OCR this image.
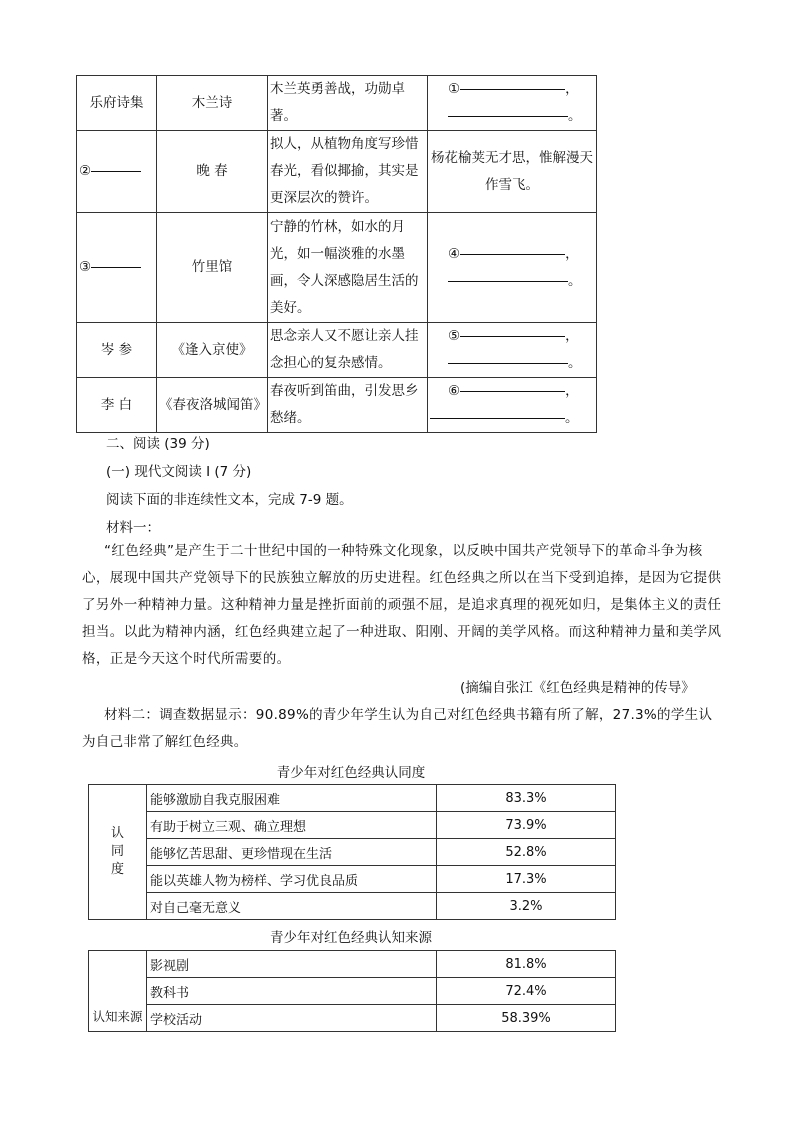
乐府诗集	木兰诗	木兰英勇善战，功勋卓著。	① ，
。

②	晚 春	拟人，从植物角度写珍惜春光，看似揶揄，其实是更深层次的赞许。	杨花榆荚无才思，惟解漫天作雪飞。
③	竹里馆	宁静的竹林，如水的月光，如一幅淡雅的水墨画，令人深感隐居生活的美好。	④ ，
。

岑 参	《逢入京使》	思念亲人又不愿让亲人挂念担心的复杂感情。	⑤ ，
。

李 白	《春夜洛城闻笛》	春夜听到笛曲，引发思乡愁绪。	⑥ ，
。
二、阅读 (39 分)
(一) 现代文阅读 I (7 分)
阅读下面的非连续性文本，完成 7-9 题。
材料一：
“红色经典”是产生于二十世纪中国的一种特殊文化现象，以反映中国共产党领导下的革命斗争为核心，展现中国共产党领导下的民族独立解放的历史进程。红色经典之所以在当下受到追捧，是因为它提供了另外一种精神力量。这种精神力量是挫折面前的顽强不屈，是追求真理的视死如归，是集体主义的责任担当。以此为精神内涵，红色经典建立起了一种进取、阳刚、开阔的美学风格。而这种精神力量和美学风格，正是今天这个时代所需要的。
(摘编自张江《红色经典是精神的传导》
材料二：调查数据显示：90.89%的青少年学生认为自己对红色经典书籍有所了解，27.3%的学生认为自己非常了解红色经典。
青少年对红色经典认同度
认
同
度	能够激励自我克服困难	83.3%
	有助于树立三观、确立理想	73.9%
	能够忆苦思甜、更珍惜现在生活	52.8%
	能以英雄人物为榜样、学习优良品质	17.3%
	对自己毫无意义	3.2%
青少年对红色经典认知来源
认知来源	影视剧	81.8%
	教科书	72.4%
	学校活动	58.39%
